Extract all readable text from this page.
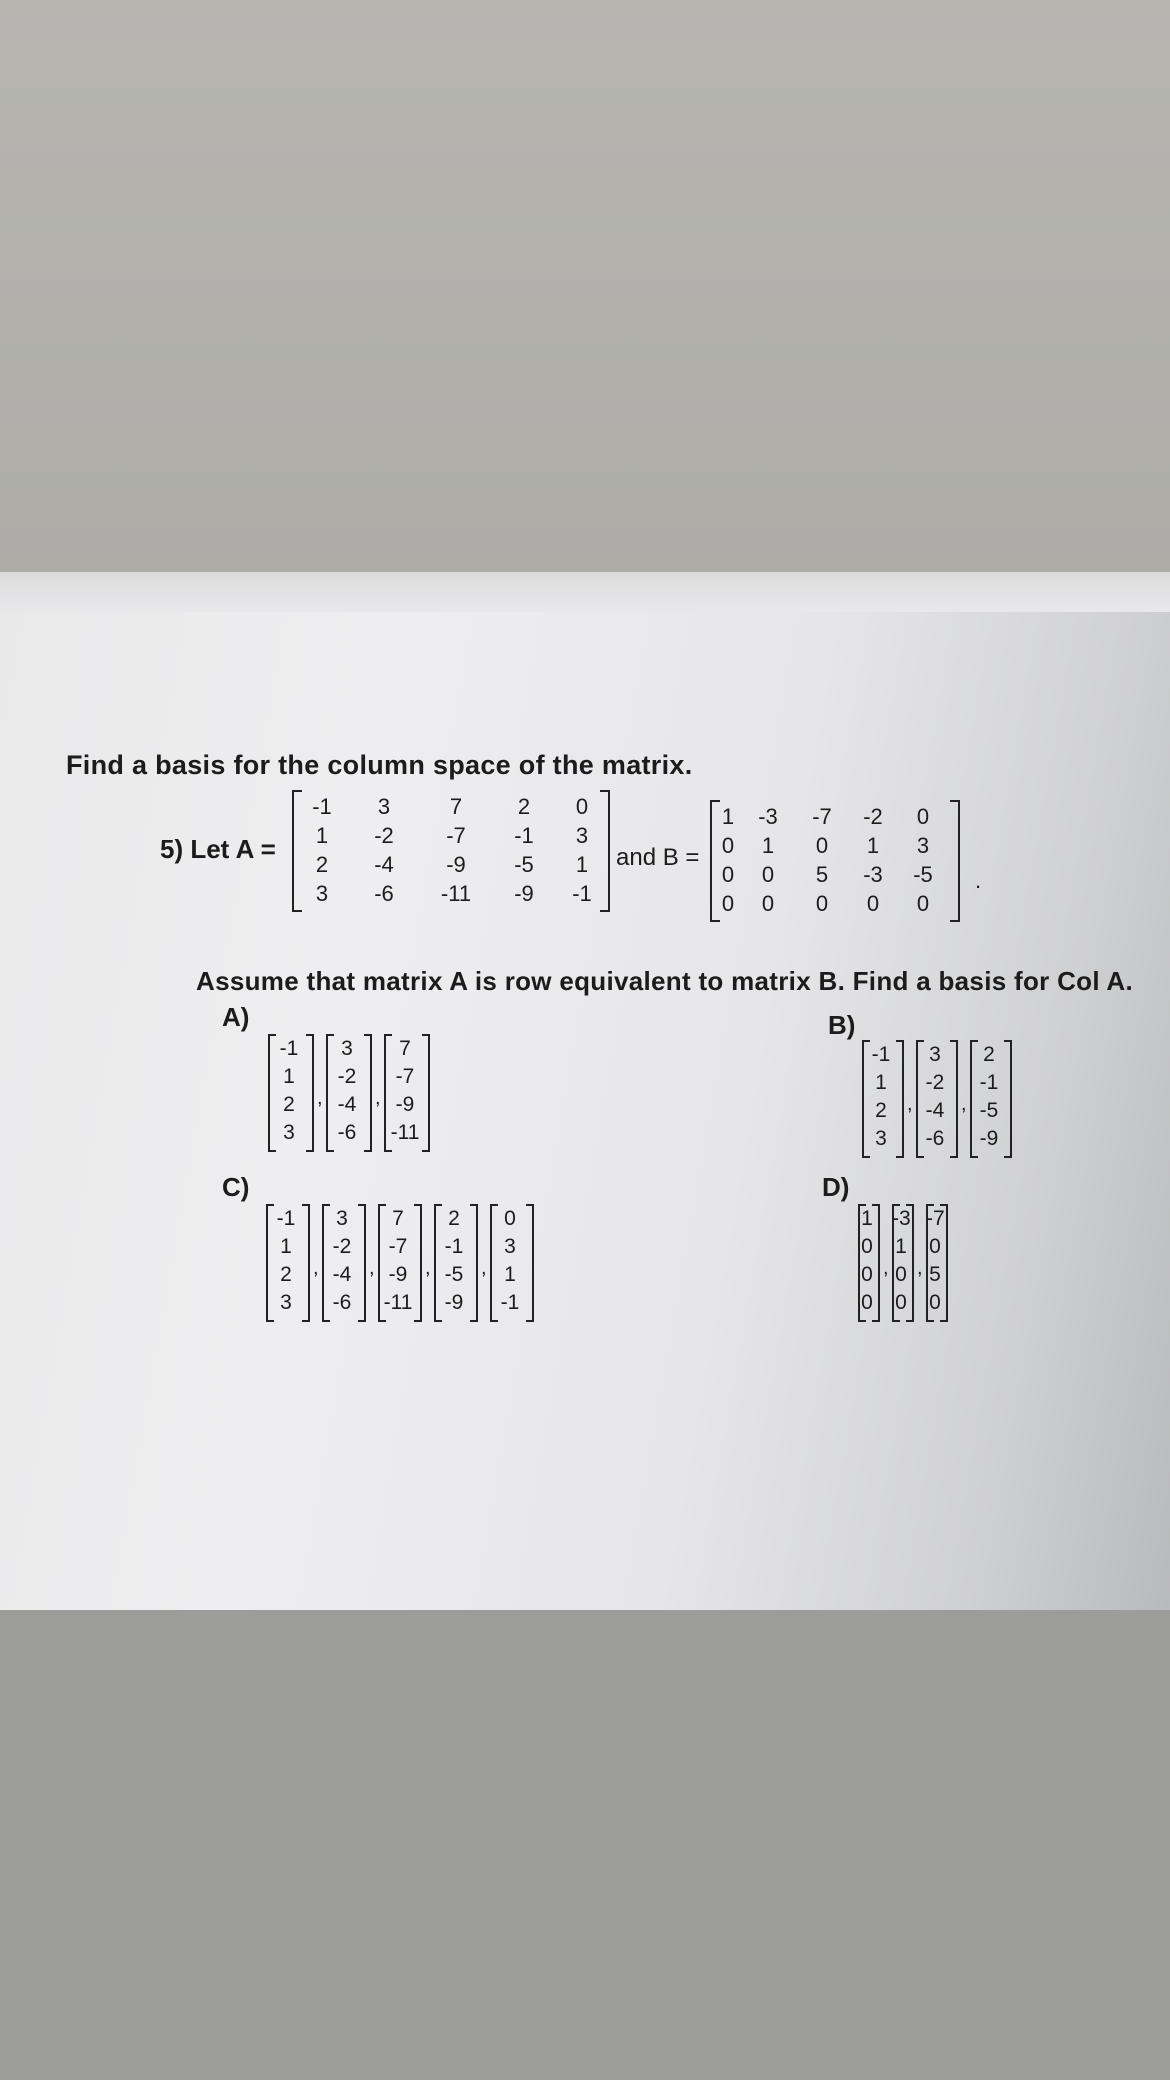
Find a basis for the column space of the matrix.
5) Let A =	and B =
.
-1	3	7	2	0
1	-2	-7	-1	3
2	-4	-9	-5	1
3	-6	-11	-9	-1
1	-3	-7	-2	0
0	1	0	1	3
0	0	5	-3	-5
0	0	0	0	0
Assume that matrix A is row equivalent to matrix B. Find a basis for Col A.
A)	B)
C)	D)
-1
1
2
3
,
3
-2
-4
-6
,
7
-7
-9
-11
-1
1
2
3
,
3
-2
-4
-6
,
2
-1
-5
-9
-1
1
2
3
,
3
-2
-4
-6
,
7
-7
-9
-11
,
2
-1
-5
-9
,
0
3
1
-1
1
0
0
0
,
-3
1
0
0
,
-7
0
5
0
